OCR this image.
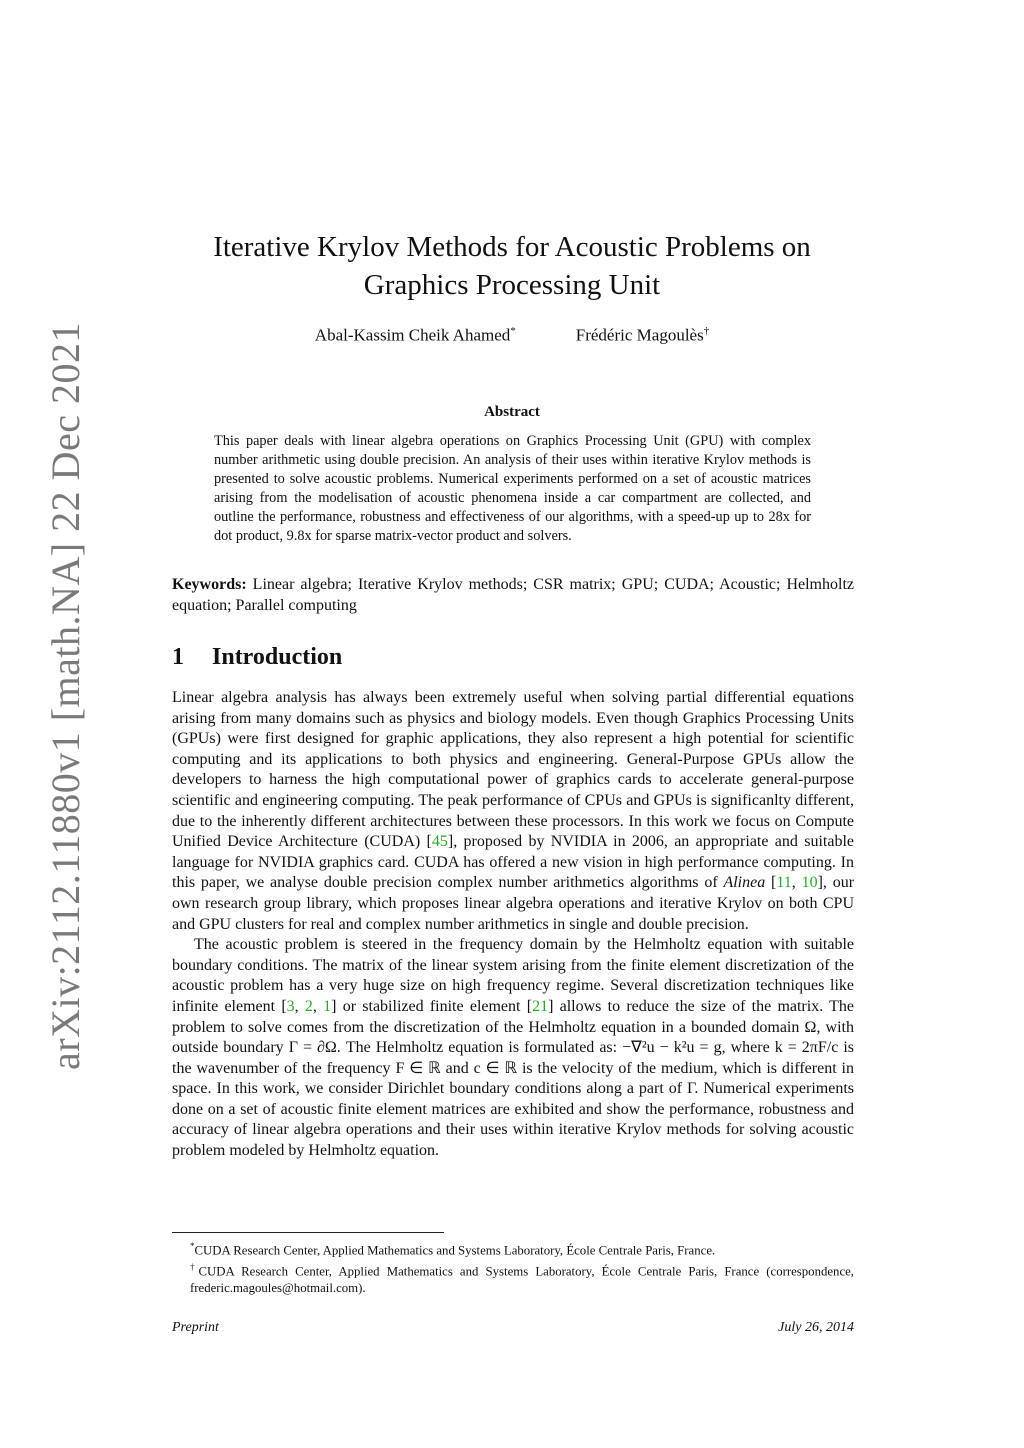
arXiv:2112.11880v1 [math.NA] 22 Dec 2021
Iterative Krylov Methods for Acoustic Problems on
Graphics Processing Unit
Abal-Kassim Cheik Ahamed*	Frédéric Magoulès†
Abstract

This paper deals with linear algebra operations on Graphics Processing Unit (GPU) with complex number arithmetic using double precision. An analysis of their uses within iterative Krylov methods is presented to solve acoustic problems. Numerical experiments performed on a set of acoustic matrices arising from the modelisation of acoustic phenomena inside a car compartment are collected, and outline the performance, robustness and effectiveness of our algorithms, with a speed-up up to 28x for dot product, 9.8x for sparse matrix-vector product and solvers.

Keywords: Linear algebra; Iterative Krylov methods; CSR matrix; GPU; CUDA; Acoustic; Helmholtz equation; Parallel computing

1 Introduction

Linear algebra analysis has always been extremely useful when solving partial differential equations arising from many domains such as physics and biology models. Even though Graphics Processing Units (GPUs) were first designed for graphic applications, they also represent a high potential for scientific computing and its applications to both physics and engineering. General-Purpose GPUs allow the developers to harness the high computational power of graphics cards to accelerate general-purpose scientific and engineering computing. The peak performance of CPUs and GPUs is significanlty different, due to the inherently different architectures between these processors. In this work we focus on Compute Unified Device Architecture (CUDA) [45], proposed by NVIDIA in 2006, an appropriate and suitable language for NVIDIA graphics card. CUDA has offered a new vision in high performance computing. In this paper, we analyse double precision complex number arithmetics algorithms of Alinea [11, 10], our own research group library, which proposes linear algebra operations and iterative Krylov on both CPU and GPU clusters for real and complex number arithmetics in single and double precision.

The acoustic problem is steered in the frequency domain by the Helmholtz equation with suitable boundary conditions. The matrix of the linear system arising from the finite element discretization of the acoustic problem has a very huge size on high frequency regime. Several discretization techniques like infinite element [3, 2, 1] or stabilized finite element [21] allows to reduce the size of the matrix. The problem to solve comes from the discretization of the Helmholtz equation in a bounded domain Ω, with outside boundary Γ = ∂Ω. The Helmholtz equation is formulated as: −∇²u − k²u = g, where k = 2πF/c is the wavenumber of the frequency F ∈ ℝ and c ∈ ℝ is the velocity of the medium, which is different in space. In this work, we consider Dirichlet boundary conditions along a part of Γ. Numerical experiments done on a set of acoustic finite element matrices are exhibited and show the performance, robustness and accuracy of linear algebra operations and their uses within iterative Krylov methods for solving acoustic problem modeled by Helmholtz equation.

*CUDA Research Center, Applied Mathematics and Systems Laboratory, École Centrale Paris, France.
†CUDA Research Center, Applied Mathematics and Systems Laboratory, École Centrale Paris, France (correspondence, frederic.magoules@hotmail.com).
Preprint	July 26, 2014
